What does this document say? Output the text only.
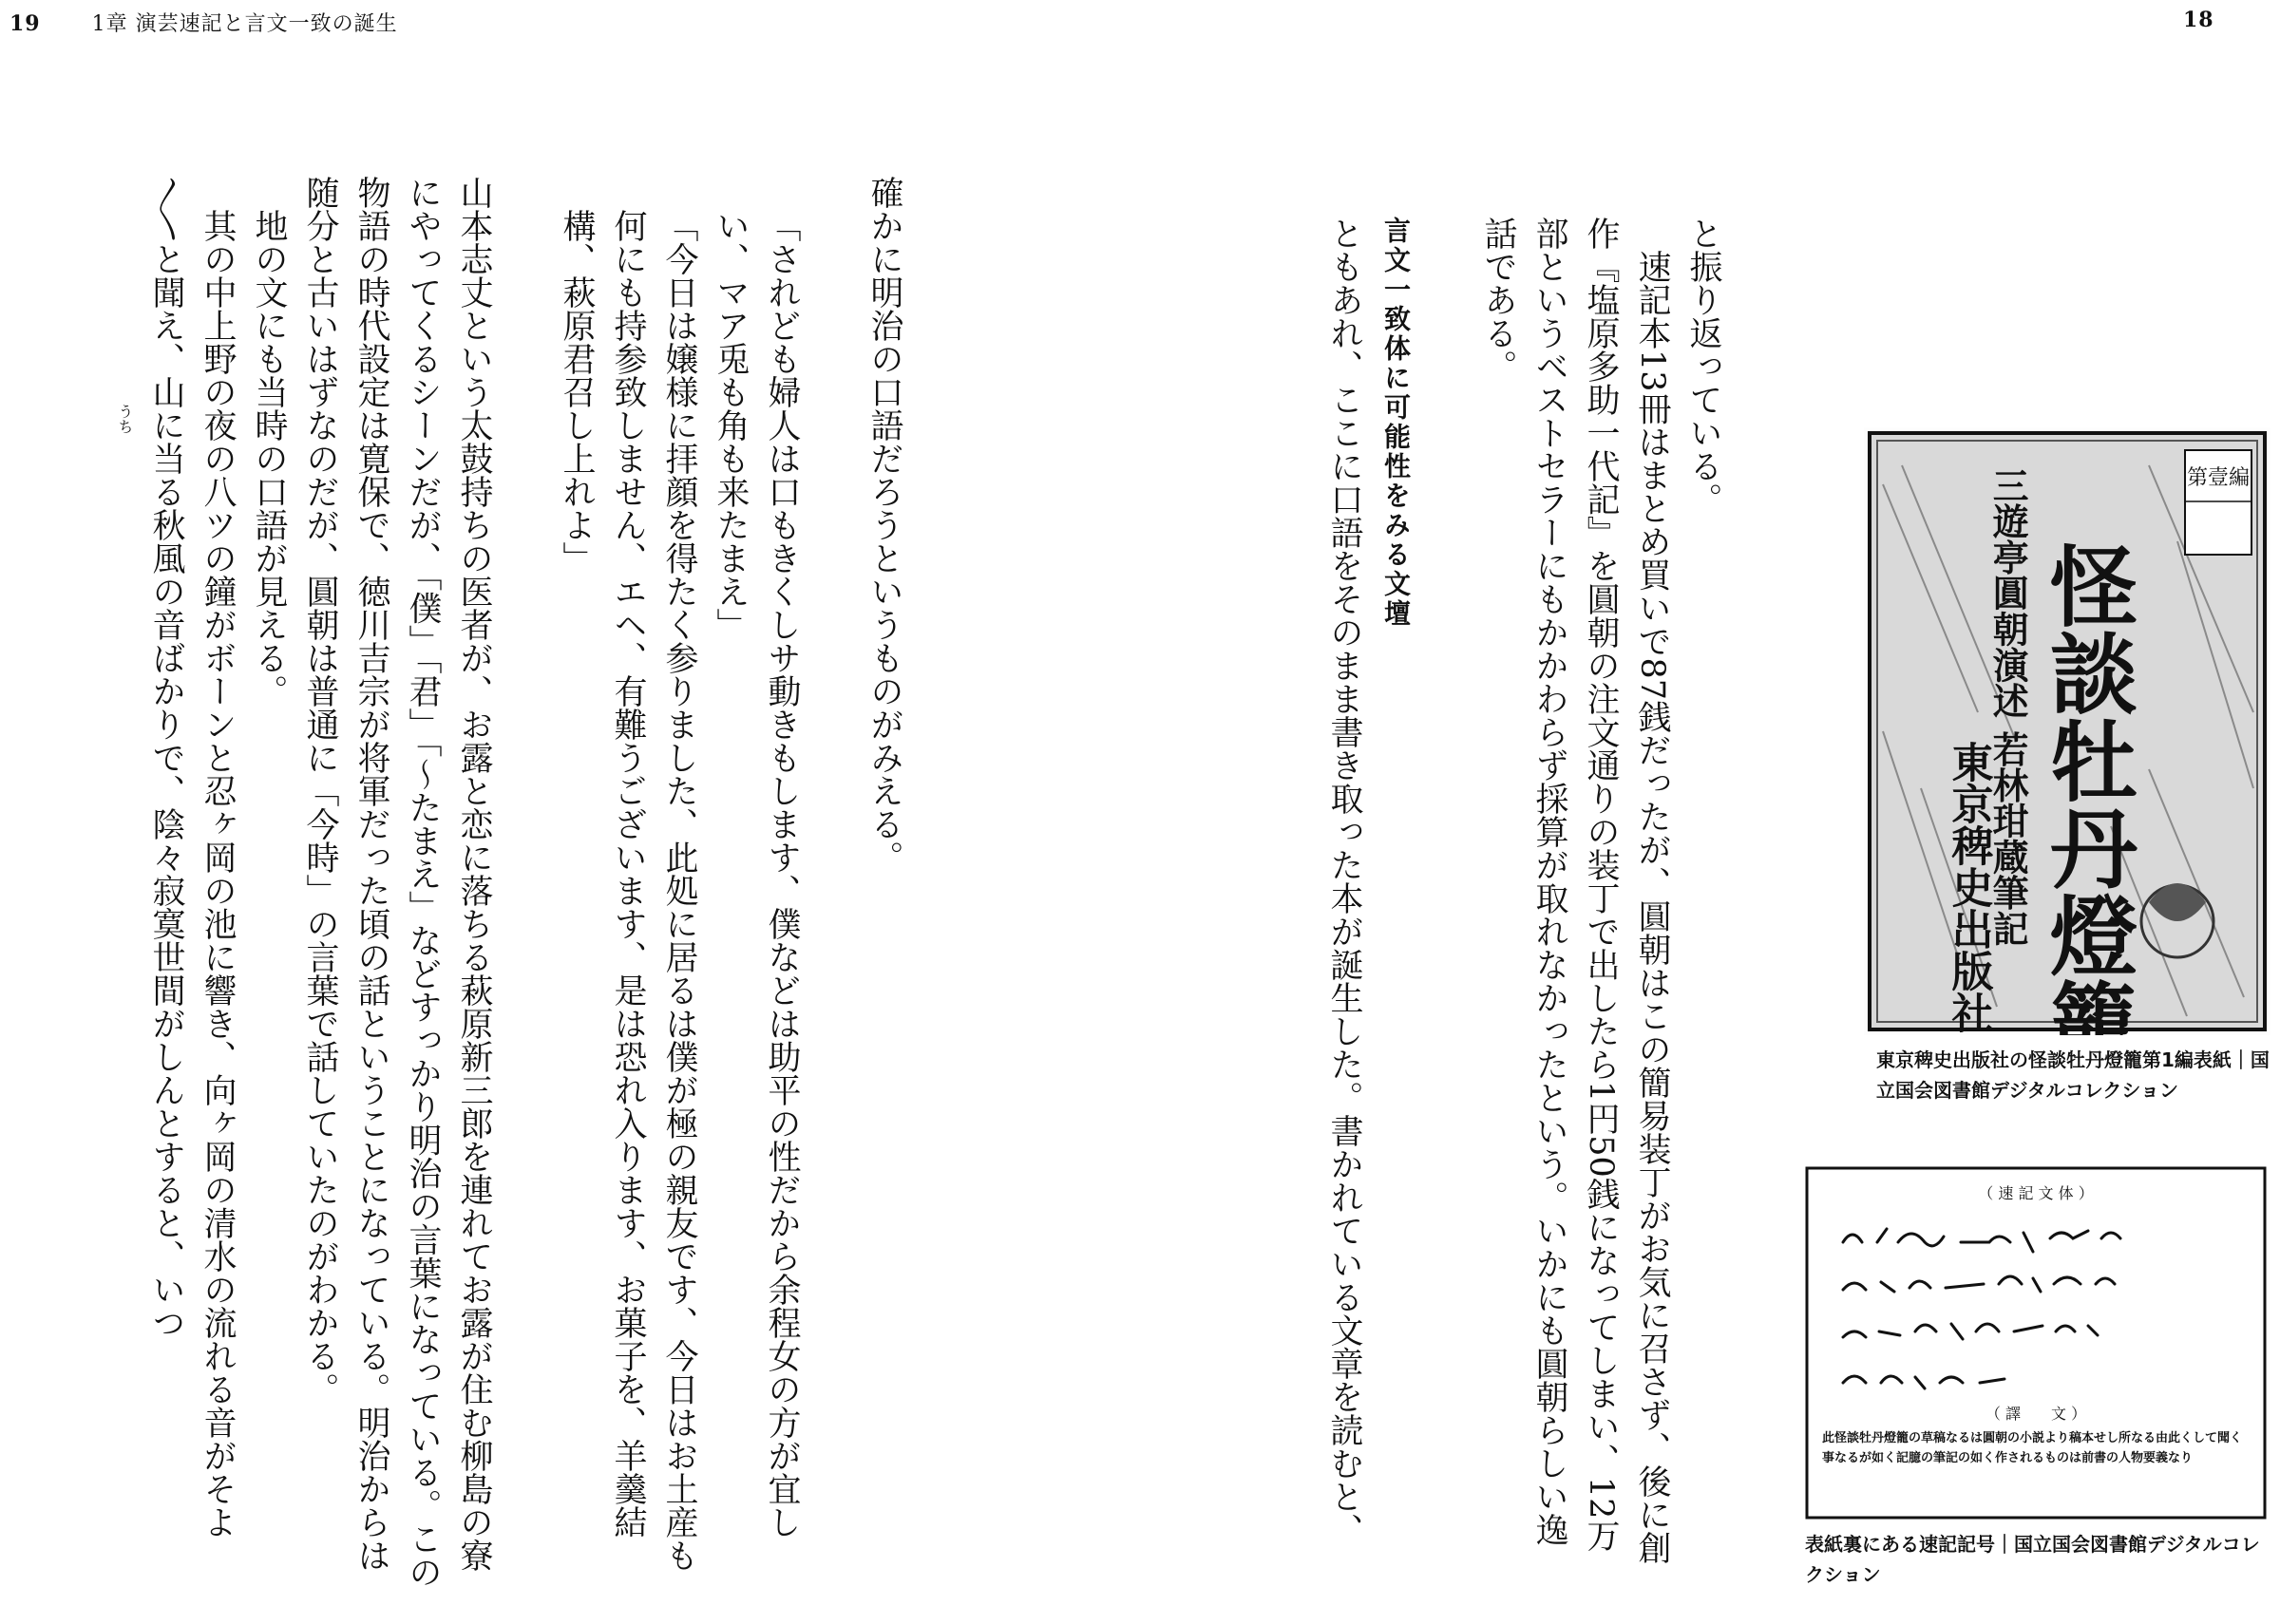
19 1章 演芸速記と言文一致の誕生	18

と振り返っている。

速記本13冊はまとめ買いで87銭だったが、圓朝はこの簡易装丁がお気に召さず、後に創作『塩原多助一代記』を圓朝の注文通りの装丁で出したら1円50銭になってしまい、12万部というベストセラーにもかかわらず採算が取れなかったという。いかにも圓朝らしい逸話である。

言文一致体に可能性をみる文壇

ともあれ、ここに口語をそのまま書き取った本が誕生した。書かれている文章を読むと、	第壹編
三遊亭圓朝演述 若林玵蔵筆記 怪談牡丹燈籠
東京稗史出版社
東京稗史出版社の怪談牡丹燈籠第1編表紙｜国立国会図書館デジタルコレクション
（ 速 記 文 体 ）
（ 譯　　文 ）
此怪談牡丹燈籠の草稿なるは圓朝の小説より稿本せし所なる由此くして聞く事なるが如く記臆の筆記の如く作されるものは前書の人物要義なり
表紙裏にある速記記号｜国立国会図書館デジタルコレクション

確かに明治の口語だろうというものがみえる。

「されども婦人は口もきくしサ動きもします、僕などは助平の性だから余程女の方が宜しい、マア兎も角も来たまえ」

「今日は嬢様に拝顔を得たく参りました、此処に居るは僕が極の親友です、今日はお土産も何にも持参致しません、エヘ、有難うございます、是は恐れ入ります、お菓子を、羊羹結構、萩原君召し上れよ」

山本志丈という太鼓持ちの医者が、お露と恋に落ちる萩原新三郎を連れてお露が住む柳島の寮にやってくるシーンだが、「僕」「君」「〜たまえ」などすっかり明治の言葉になっている。この物語の時代設定は寛保で、徳川吉宗が将軍だった頃の話ということになっている。明治からは随分と古いはずなのだが、圓朝は普通に「今時」の言葉で話していたのがわかる。

地の文にも当時の口語が見える。

其の中上野の夜の八ツの鐘がボーンと忍ヶ岡の池に響き、向ヶ岡の清水の流れる音がそよ〳〵と聞え、山に当る秋風の音ばかりで、陰々寂寞世間がしんとすると、いつ

うち
